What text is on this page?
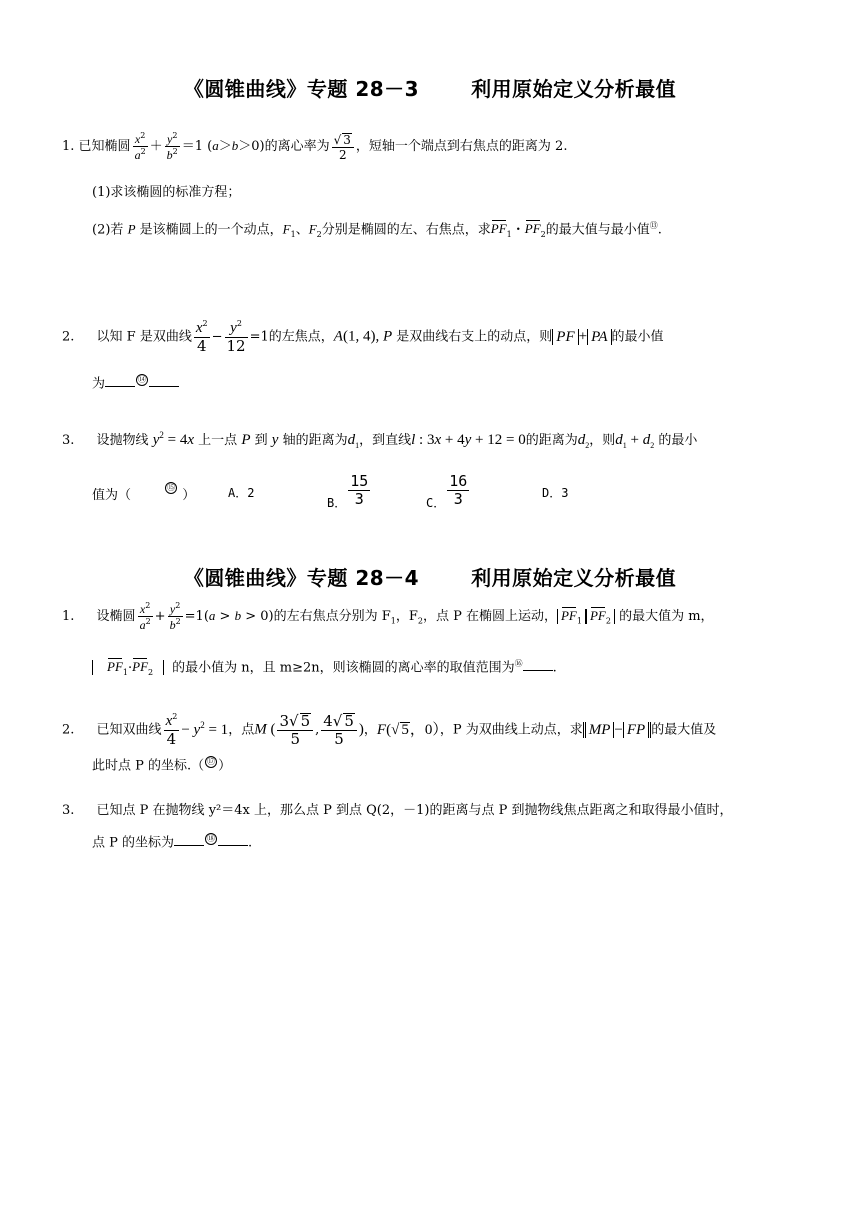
《圆锥曲线》专题 28－3	利用原始定义分析最值
1. 已知椭圆 $\frac{x^2}{a^2} + \frac{y^2}{b^2} =1$ (a＞b＞0)的离心率为 $\frac{√ 3}{2}$ ，短轴一个端点到右焦点的距离为 2.
(1)求该椭圆的标准方程；
(2)若 P 是该椭圆上的一个动点，$F_1$、$F_2$分别是椭圆的左、右焦点，求$PF_1$・$PF_2$的最大值与最小值⑬.
2. 以知 F 是双曲线 $\frac{x^2}{4} - \frac{y^2}{12} =1$的左焦点，A(1, 4), P 是双曲线右支上的动点，则 PF + PA 的最小值
为	⑭
3. 设抛物线 $y^2 = 4x$ 上一点 P 到 y 轴的距离为$d_1$，到直线l : 3x + 4y + 12 = 0的距离为$d_2$，则$d_1 + d_2$ 的最小
值为（ ⑮ ）	A．2
B． $\frac{15}{3}$	C． $\frac{16}{3}$	D．3
《圆锥曲线》专题 28－4	利用原始定义分析最值
1. 设椭圆 $\frac{x^2}{a^2} + \frac{y^2}{b^2} =1(a > b > 0)$的左右焦点分别为 $F_1$，$F_2$，点 P 在椭圆上运动， $PF_1$ $PF_2$ 的最大值为 m，
$PF_1\cdot PF_2$ 的最小值为 n，且 m≥2n，则该椭圆的离心率的取值范围为⑯ .
2. 已知双曲线 $\frac{x^2}{4} - y^2 = 1$，点M ( $\frac{3√ 5}{5}$ , $\frac{4√ 5}{5}$ )，F(√ 5，0），P 为双曲线上动点，求 MP − FP 的最大值及
此时点 P 的坐标.（ ⑰ ）
3. 已知点 P 在抛物线 y²＝4x 上，那么点 P 到点 Q(2，－1)的距离与点 P 到抛物线焦点距离之和取得最小值时，
点 P 的坐标为	⑱	.
